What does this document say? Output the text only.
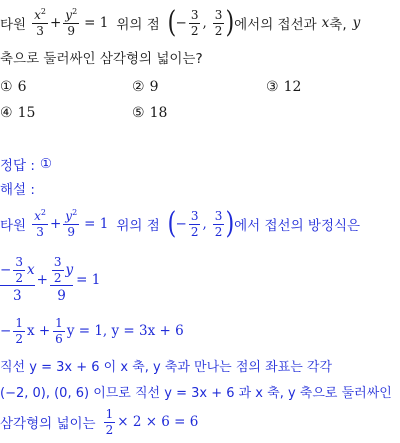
타원 $\frac{x^2}{3} + \frac{y^2}{9} = 1$ 위의 점 ( − $\frac{3}{2}$ , $\frac{3}{2}$ ) 에서의 접선과 x 축, y
축으로 둘러싸인 삼각형의 넓이는?
① 6	② 9	③ 12
④ 15	⑤ 18
정답 : ①
해설 :
타원 $\frac{x^2}{3} + \frac{y^2}{9} = 1$ 위의 점 ( − $\frac{3}{2}$ , $\frac{3}{2}$ ) 에서 접선의 방정식은
− $\frac{3}{2}$ x
3
+ $\frac{\frac{3}{2} y}{9} = 1$
− $\frac{1}{2}$ $x + \frac{1}{6}$ y = 1, y = 3x + 6
직선 y = 3x + 6 이 x 축, y 축과 만나는 점의 좌표는 각각
(−2, 0), (0, 6) 이므로 직선 y = 3x + 6 과 x 축, y 축으로 둘러싸인
삼각형의 넓이는 $\frac{1}{2} \times 2 \times 6 = 6$
